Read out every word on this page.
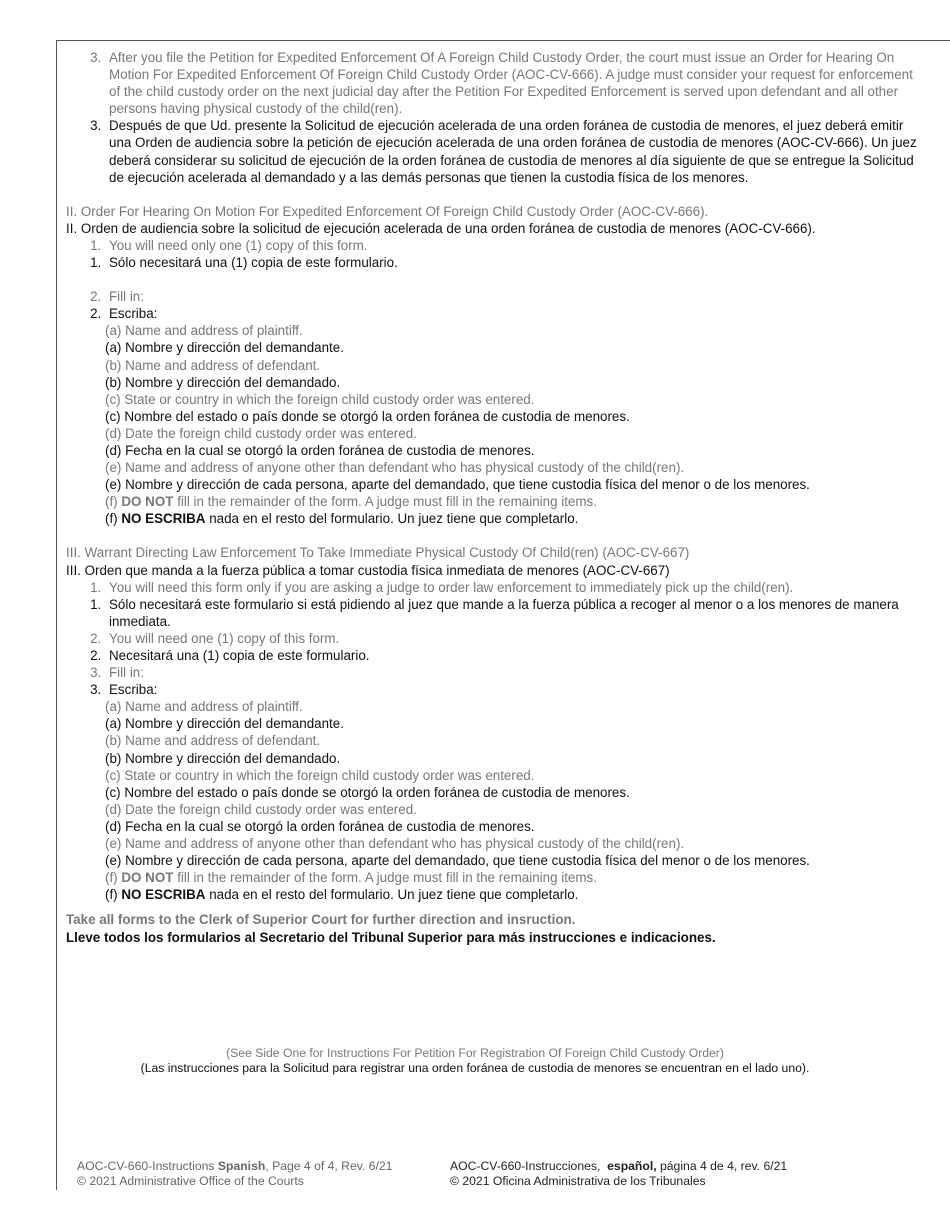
3 . After you file the Petition for Expedited Enforcement Of A Foreign Child Custody Order, the court must issue an Order for Hearing On Motion For Expedited Enforcement Of Foreign Child Custody Order (AOC-CV-666). A judge must consider your request for enforcement of the child custody order on the next judicial day after the Petition For Expedited Enforcement is served upon defendant and all other persons having physical custody of the child(ren).
3 . Después de que Ud. presente la Solicitud de ejecución acelerada de una orden foránea de custodia de menores, el juez deberá emitir una Orden de audiencia sobre la petición de ejecución acelerada de una orden foránea de custodia de menores (AOC-CV-666). Un juez deberá considerar su solicitud de ejecución de la orden foránea de custodia de menores al día siguiente de que se entregue la Solicitud de ejecución acelerada al demandado y a las demás personas que tienen la custodia física de los menores.
II. Order For Hearing On Motion For Expedited Enforcement Of Foreign Child Custody Order (AOC-CV-666).
II. Orden de audiencia sobre la solicitud de ejecución acelerada de una orden foránea de custodia de menores (AOC-CV-666).
1 . You will need only one (1) copy of this form.
1 . Sólo necesitará una (1) copia de este formulario.
2 . Fill in:
2 . Escriba:
(a) Name and address of plaintiff.
(a) Nombre y dirección del demandante.
(b) Name and address of defendant.
(b) Nombre y dirección del demandado.
(c) State or country in which the foreign child custody order was entered.
(c) Nombre del estado o país donde se otorgó la orden foránea de custodia de menores.
(d) Date the foreign child custody order was entered.
(d) Fecha en la cual se otorgó la orden foránea de custodia de menores.
(e) Name and address of anyone other than defendant who has physical custody of the child(ren).
(e) Nombre y dirección de cada persona, aparte del demandado, que tiene custodia física del menor o de los menores.
(f) DO NOT fill in the remainder of the form. A judge must fill in the remaining items.
(f) NO ESCRIBA nada en el resto del formulario. Un juez tiene que completarlo.
III. Warrant Directing Law Enforcement To Take Immediate Physical Custody Of Child(ren) (AOC-CV-667)
III. Orden que manda a la fuerza pública a tomar custodia física inmediata de menores (AOC-CV-667)
1 . You will need this form only if you are asking a judge to order law enforcement to immediately pick up the child(ren).
1 . Sólo necesitará este formulario si está pidiendo al juez que mande a la fuerza pública a recoger al menor o a los menores de manera inmediata.
2 . You will need one (1) copy of this form.
2 . Necesitará una (1) copia de este formulario.
3 . Fill in:
3 . Escriba:
(a) Name and address of plaintiff.
(a) Nombre y dirección del demandante.
(b) Name and address of defendant.
(b) Nombre y dirección del demandado.
(c) State or country in which the foreign child custody order was entered.
(c) Nombre del estado o país donde se otorgó la orden foránea de custodia de menores.
(d) Date the foreign child custody order was entered.
(d) Fecha en la cual se otorgó la orden foránea de custodia de menores.
(e) Name and address of anyone other than defendant who has physical custody of the child(ren).
(e) Nombre y dirección de cada persona, aparte del demandado, que tiene custodia física del menor o de los menores.
(f) DO NOT fill in the remainder of the form. A judge must fill in the remaining items.
(f) NO ESCRIBA nada en el resto del formulario. Un juez tiene que completarlo.
Take all forms to the Clerk of Superior Court for further direction and insruction.
Lleve todos los formularios al Secretario del Tribunal Superior para más instrucciones e indicaciones.
(See Side One for Instructions For Petition For Registration Of Foreign Child Custody Order)
(Las instrucciones para la Solicitud para registrar una orden foránea de custodia de menores se encuentran en el lado uno).
AOC-CV-660-Instructions Spanish, Page 4 of 4, Rev. 6/21
© 2021 Administrative Office of the Courts
AOC-CV-660-Instrucciones, español, página 4 de 4, rev. 6/21
© 2021 Oficina Administrativa de los Tribunales
